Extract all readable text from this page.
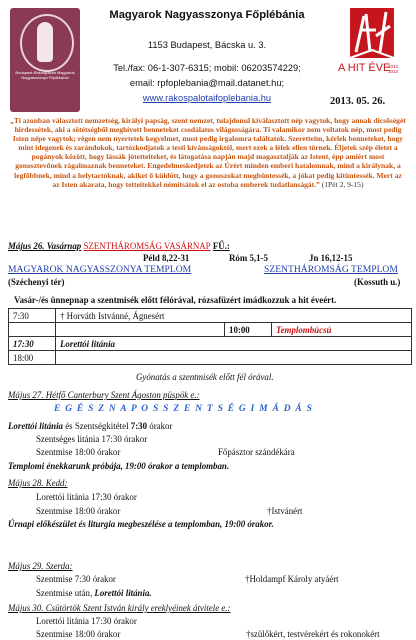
Budapest-Rákospalota Magyarok Nagyasszonya Főplébánia
Magyarok Nagyasszonya Főplébánia
1153 Budapest, Bácska u. 3.
Tel./fax: 06-1-307-6315; mobil: 06203574229;
email: rpfoplebania@mail.datanet.hu;
www.rakospalotaifoplebania.hu
A HIT ÉVE
2012 2013
2013. 05. 26.
„Ti azonban választott nemzetség, királyi papság, szent nemzet, tulajdonul kiválasztott nép vagytok, hogy annak dicsőségét hirdessétek, aki a sötétségből meghívott benneteket csodálatos világosságára. Ti valamikor nem voltatok nép, most pedig Isten népe vagytok; régen nem nyertetek kegyelmet, most pedig irgalomra találtatok. Szeretteim, kérlek benneteket, hogy mint idegenek és zarándokok, tartózkodjatok a testi kívánságoktól, mert ezek a lélek ellen törnek. Éljetek szép életet a pogányok között, hogy lássák jótetteiteket, és látogatása napján majd magasztalják az Istent, épp amiért most gonosztevőnek rágalmaznak benneteket. Engedelmeskedjetek az Úrért minden emberi hatalomnak, mind a királynak, a legfőbbnek, mind a helytartóknak, akiket ő küldött, hogy a gonoszokat megbüntessék, a jókat pedig kitüntessék. Mert az az Isten akarata, hogy tetteitekkel némítsátok el az ostoba emberek tudatlanságát.” (1Pét 2, 9-15)
Május 26. Vasárnap SZENTHÁROMSÁG VASÁRNAP FŰ.:
Péld 8,22-31	Róm 5,1-5	Jn 16,12-15
MAGYAROK NAGYASSZONYA TEMPLOM	SZENTHÁROMSÁG TEMPLOM
(Széchenyi tér)	(Kossuth u.)
Vasár-/és ünnepnap a szentmisék előtt félórával, rózsafüzért imádkozzuk a hit éveért.
7:30	† Horváth Istvánné, Ágnesért		
		10:00	Templombúcsú
17:30	Lorettói litánia		
18:00			
Gyónatás a szentmisék előtt fél órával.
Május 27. Hétfő Canterbury Szent Ágoston püspök e.:
E G É S Z N A P O S S Z E N T S É G I M Á D Á S
Lorettói litánia és Szentségkitétel 7:30 órakor
Szentséges litánia 17:30 órakor
Szentmise 18:00 órakor	Főpásztor szándékára
Templomi énekkarunk próbája, 19:00 órakor a templomban.
Május 28. Kedd:
Lorettói litánia 17:30 órakor
Szentmise 18:00 órakor	†Istvánért
Úrnapi előkészület és liturgia megbeszélése a templomban, 19:00 órakor.
Május 29. Szerda:
Szentmise 7:30 órakor	†Holdampf Károly atyáért
Szentmise után, Lorettói litánia.
Május 30. Csütörtök Szent István király ereklyéinek átvitele e.:
Lorettói litánia 17:30 órakor
Szentmise 18:00 órakor	†szülőkért, testvérekért és rokonokért
